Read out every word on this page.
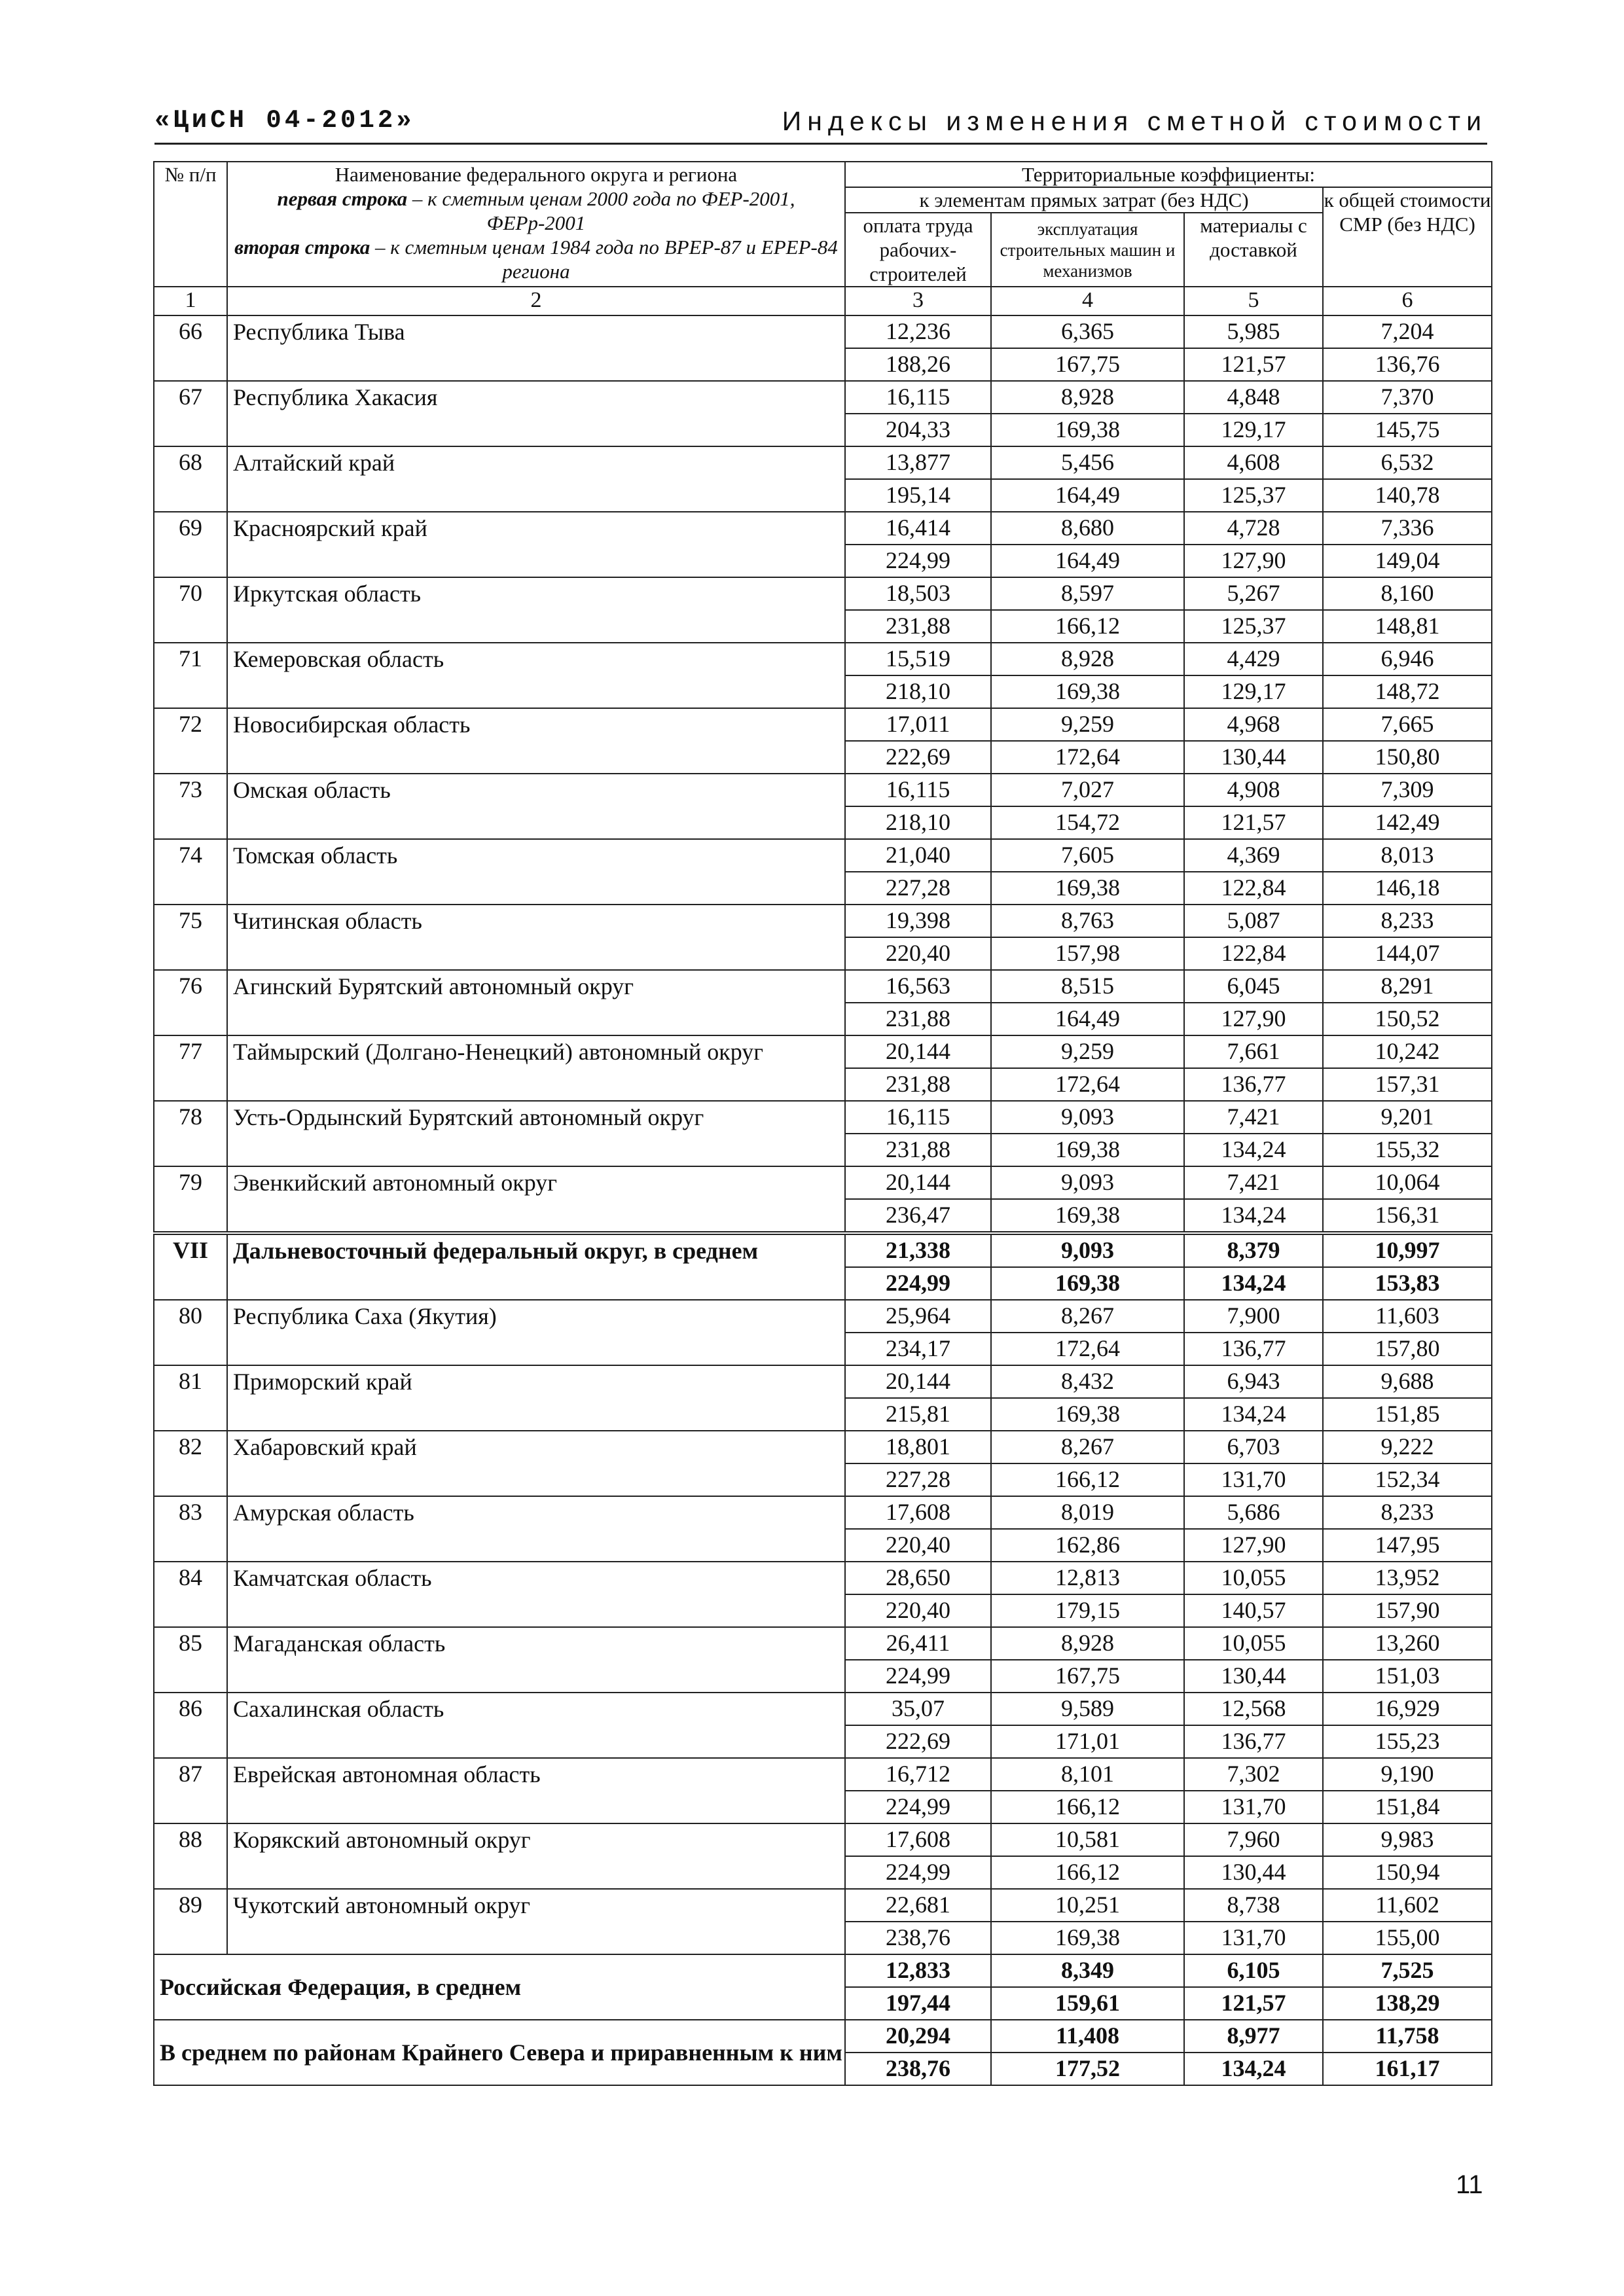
«ЦиСН 04-2012»	Индексы изменения сметной стоимости
№ п/п	Наименование федерального округа и региона
первая строка – к сметным ценам 2000 года по ФЕР-2001, ФЕРр-2001
вторая строка – к сметным ценам 1984 года по ВРЕР-87 и ЕРЕР-84 региона	Территориальные коэффициенты:			
		к элементам прямых затрат (без НДС)			к общей стоимости СМР (без НДС)
		оплата труда рабочих-строителей	эксплуатация строительных машин и механизмов	материалы с доставкой	
1	2	3	4	5	6
66	Республика Тыва	12,236	6,365	5,985	7,204
		188,26	167,75	121,57	136,76
67	Республика Хакасия	16,115	8,928	4,848	7,370
		204,33	169,38	129,17	145,75
68	Алтайский край	13,877	5,456	4,608	6,532
		195,14	164,49	125,37	140,78
69	Красноярский край	16,414	8,680	4,728	7,336
		224,99	164,49	127,90	149,04
70	Иркутская область	18,503	8,597	5,267	8,160
		231,88	166,12	125,37	148,81
71	Кемеровская область	15,519	8,928	4,429	6,946
		218,10	169,38	129,17	148,72
72	Новосибирская область	17,011	9,259	4,968	7,665
		222,69	172,64	130,44	150,80
73	Омская область	16,115	7,027	4,908	7,309
		218,10	154,72	121,57	142,49
74	Томская область	21,040	7,605	4,369	8,013
		227,28	169,38	122,84	146,18
75	Читинская область	19,398	8,763	5,087	8,233
		220,40	157,98	122,84	144,07
76	Агинский Бурятский автономный округ	16,563	8,515	6,045	8,291
		231,88	164,49	127,90	150,52
77	Таймырский (Долгано-Ненецкий) автономный округ	20,144	9,259	7,661	10,242
		231,88	172,64	136,77	157,31
78	Усть-Ордынский Бурятский автономный округ	16,115	9,093	7,421	9,201
		231,88	169,38	134,24	155,32
79	Эвенкийский автономный округ	20,144	9,093	7,421	10,064
		236,47	169,38	134,24	156,31
VII	Дальневосточный федеральный округ, в среднем	21,338	9,093	8,379	10,997
		224,99	169,38	134,24	153,83
80	Республика Саха (Якутия)	25,964	8,267	7,900	11,603
		234,17	172,64	136,77	157,80
81	Приморский край	20,144	8,432	6,943	9,688
		215,81	169,38	134,24	151,85
82	Хабаровский край	18,801	8,267	6,703	9,222
		227,28	166,12	131,70	152,34
83	Амурская область	17,608	8,019	5,686	8,233
		220,40	162,86	127,90	147,95
84	Камчатская область	28,650	12,813	10,055	13,952
		220,40	179,15	140,57	157,90
85	Магаданская область	26,411	8,928	10,055	13,260
		224,99	167,75	130,44	151,03
86	Сахалинская область	35,07	9,589	12,568	16,929
		222,69	171,01	136,77	155,23
87	Еврейская автономная область	16,712	8,101	7,302	9,190
		224,99	166,12	131,70	151,84
88	Корякский автономный округ	17,608	10,581	7,960	9,983
		224,99	166,12	130,44	150,94
89	Чукотский автономный округ	22,681	10,251	8,738	11,602
		238,76	169,38	131,70	155,00
Российская Федерация, в среднем		12,833	8,349	6,105	7,525
		197,44	159,61	121,57	138,29
В среднем по районам Крайнего Севера и приравненным к ним		20,294	11,408	8,977	11,758
		238,76	177,52	134,24	161,17
11
